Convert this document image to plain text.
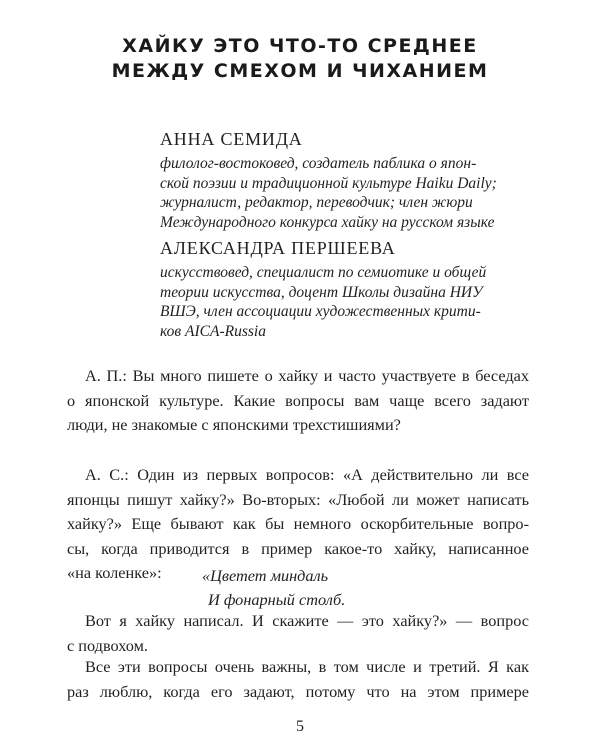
ХАЙКУ ЭТО ЧТО-ТО СРЕДНЕЕ
МЕЖДУ СМЕХОМ И ЧИХАНИЕМ
АННА СЕМИДА
филолог-востоковед, создатель паблика о япон-
ской поэзии и традиционной культуре Haiku Daily;
журналист, редактор, переводчик; член жюри
Международного конкурса хайку на русском языке
АЛЕКСАНДРА ПЕРШЕЕВА
искусствовед, специалист по семиотике и общей
теории искусства, доцент Школы дизайна НИУ
ВШЭ, член ассоциации художественных крити-
ков AICA-Russia
А. П.: Вы много пишете о хайку и часто участвуете в беседах
о японской культуре. Какие вопросы вам чаще всего задают
люди, не знакомые с японскими трехстишиями?
А. С.: Один из первых вопросов: «А действительно ли все
японцы пишут хайку?» Во-вторых: «Любой ли может написать
хайку?» Еще бывают как бы немного оскорбительные вопро-
сы, когда приводится в пример какое-то хайку, написанное
«на коленке»:	«Цветет миндаль
И фонарный столб.
Вот я хайку написал. И скажите — это хайку?» — вопрос
с подвохом.
Все эти вопросы очень важны, в том числе и третий. Я как
раз люблю, когда его задают, потому что на этом примере
5
